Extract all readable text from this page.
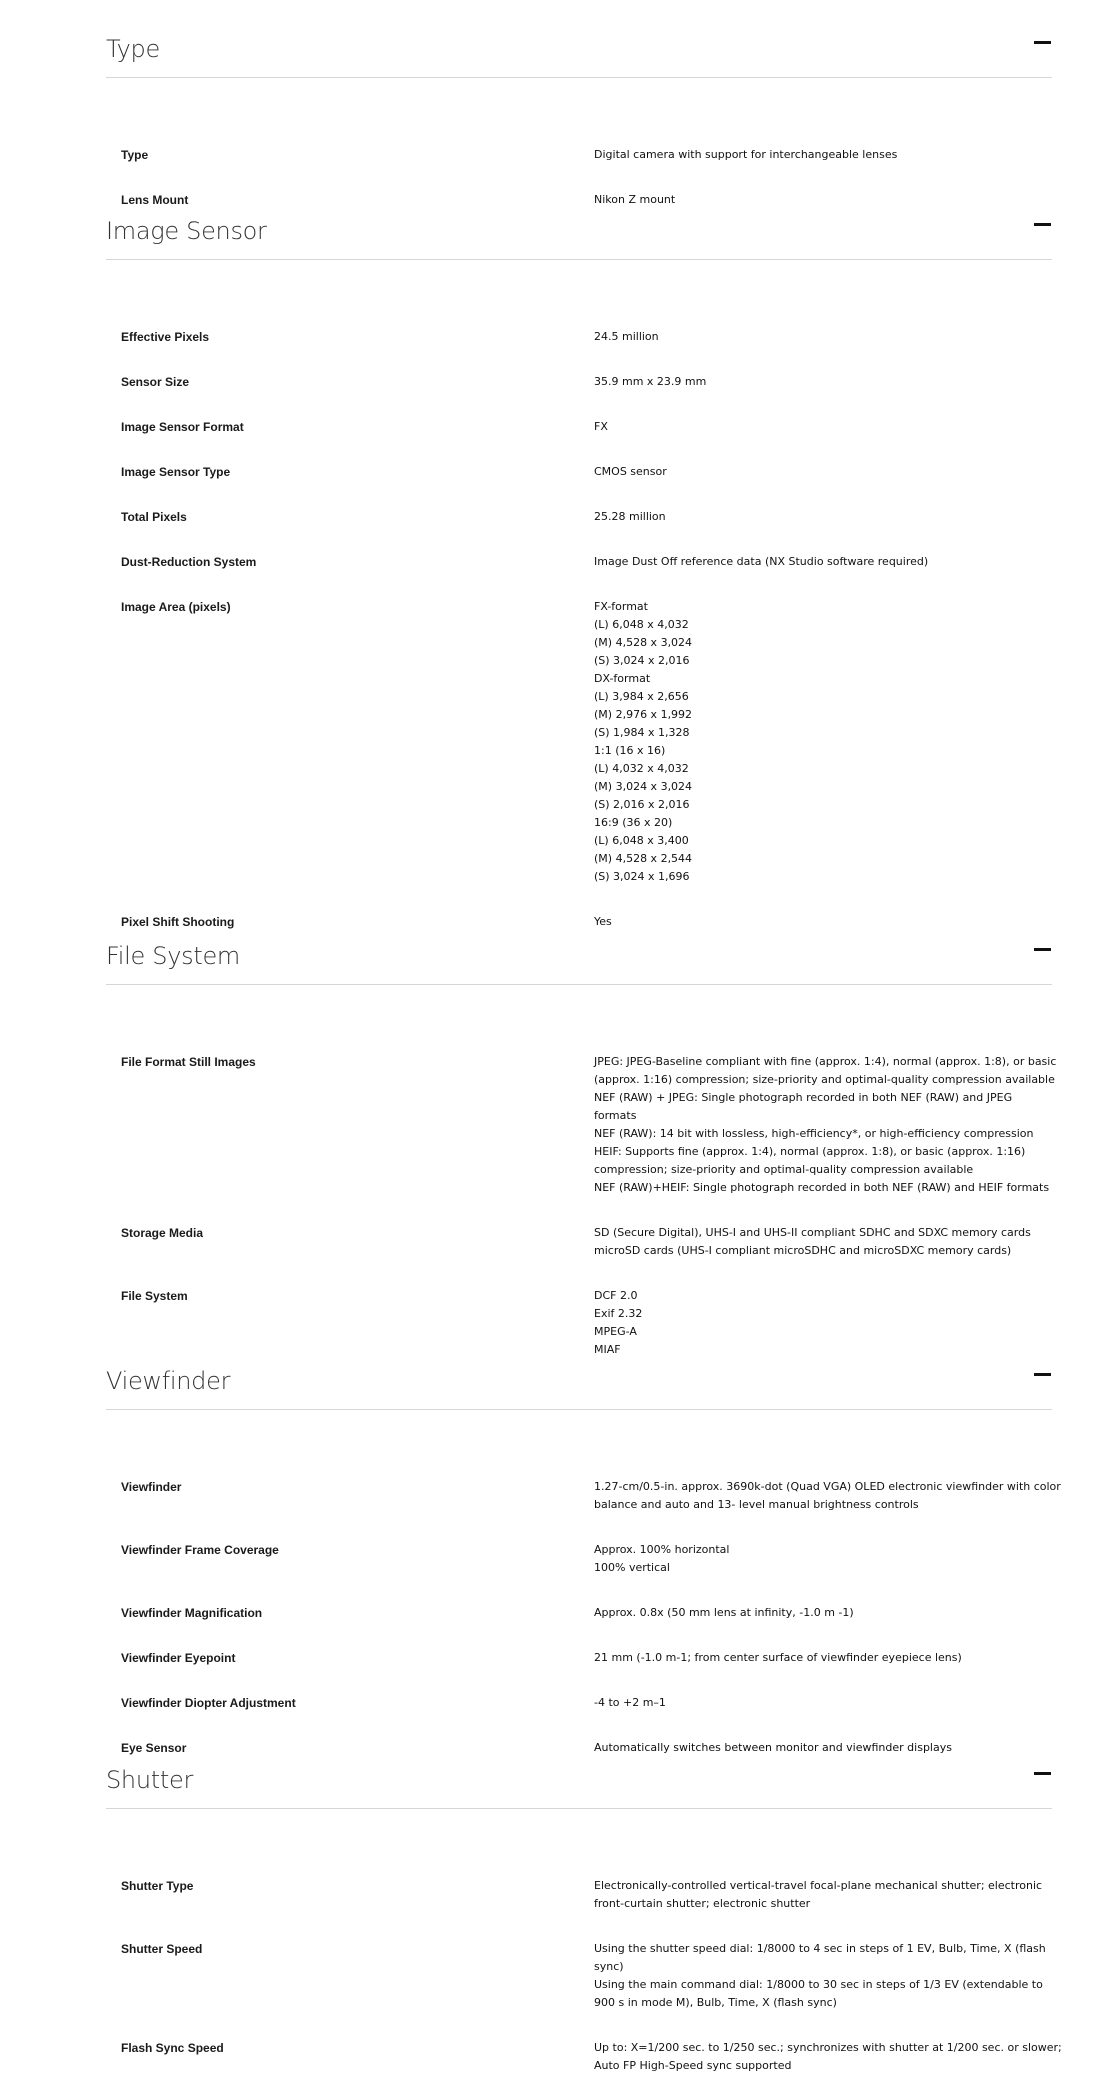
Type
Type	Digital camera with support for interchangeable lenses
Lens Mount	Nikon Z mount
Image Sensor
Effective Pixels	24.5 million
Sensor Size	35.9 mm x 23.9 mm
Image Sensor Format	FX
Image Sensor Type	CMOS sensor
Total Pixels	25.28 million
Dust-Reduction System	Image Dust Off reference data (NX Studio software required)
Image Area (pixels)	FX-format
(L) 6,048 x 4,032
(M) 4,528 x 3,024
(S) 3,024 x 2,016
DX-format
(L) 3,984 x 2,656
(M) 2,976 x 1,992
(S) 1,984 x 1,328
1:1 (16 x 16)
(L) 4,032 x 4,032
(M) 3,024 x 3,024
(S) 2,016 x 2,016
16:9 (36 x 20)
(L) 6,048 x 3,400
(M) 4,528 x 2,544
(S) 3,024 x 1,696
Pixel Shift Shooting	Yes
File System
File Format Still Images	JPEG: JPEG-Baseline compliant with fine (approx. 1:4), normal (approx. 1:8), or basic
(approx. 1:16) compression; size-priority and optimal-quality compression available
NEF (RAW) + JPEG: Single photograph recorded in both NEF (RAW) and JPEG
formats
NEF (RAW): 14 bit with lossless, high-efficiency*, or high-efficiency compression
HEIF: Supports fine (approx. 1:4), normal (approx. 1:8), or basic (approx. 1:16)
compression; size-priority and optimal-quality compression available
NEF (RAW)+HEIF: Single photograph recorded in both NEF (RAW) and HEIF formats
Storage Media	SD (Secure Digital), UHS-I and UHS-II compliant SDHC and SDXC memory cards
microSD cards (UHS-I compliant microSDHC and microSDXC memory cards)
File System	DCF 2.0
Exif 2.32
MPEG-A
MIAF
Viewfinder
Viewfinder	1.27-cm/0.5-in. approx. 3690k-dot (Quad VGA) OLED electronic viewfinder with color
balance and auto and 13- level manual brightness controls
Viewfinder Frame Coverage	Approx. 100% horizontal
100% vertical
Viewfinder Magnification	Approx. 0.8x (50 mm lens at infinity, -1.0 m -1)
Viewfinder Eyepoint	21 mm (-1.0 m-1; from center surface of viewfinder eyepiece lens)
Viewfinder Diopter Adjustment	-4 to +2 m–1
Eye Sensor	Automatically switches between monitor and viewfinder displays
Shutter
Shutter Type	Electronically-controlled vertical-travel focal-plane mechanical shutter; electronic
front-curtain shutter; electronic shutter
Shutter Speed	Using the shutter speed dial: 1/8000 to 4 sec in steps of 1 EV, Bulb, Time, X (flash
sync)
Using the main command dial: 1/8000 to 30 sec in steps of 1/3 EV (extendable to
900 s in mode M), Bulb, Time, X (flash sync)
Flash Sync Speed	Up to: X=1/200 sec. to 1/250 sec.; synchronizes with shutter at 1/200 sec. or slower;
Auto FP High-Speed sync supported
